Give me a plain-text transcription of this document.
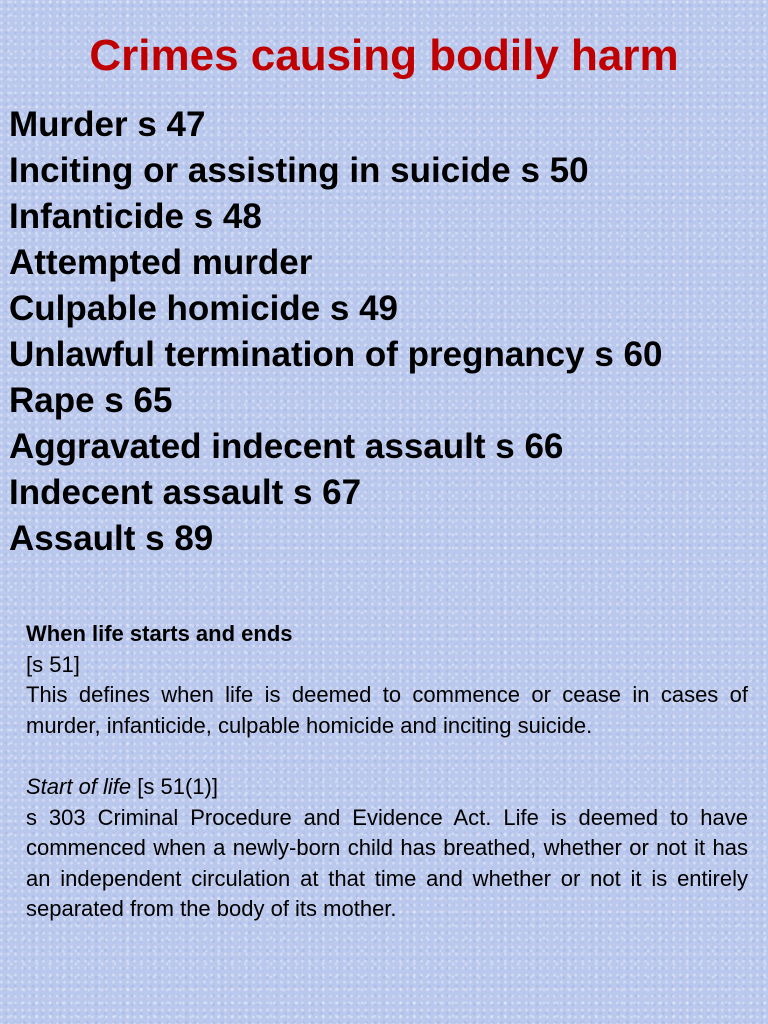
Crimes causing bodily harm
Murder s 47
Inciting or assisting in suicide s 50
Infanticide s 48
Attempted murder
Culpable homicide s 49
Unlawful termination of pregnancy s 60
Rape s 65
Aggravated indecent assault s 66
Indecent assault s 67
Assault s 89

When life starts and ends

[s 51]

This defines when life is deemed to commence or cease in cases of murder, infanticide, culpable homicide and inciting suicide.

Start of life [s 51(1)]

s 303 Criminal Procedure and Evidence Act. Life is deemed to have commenced when a newly-born child has breathed, whether or not it has an independent circulation at that time and whether or not it is entirely separated from the body of its mother.
